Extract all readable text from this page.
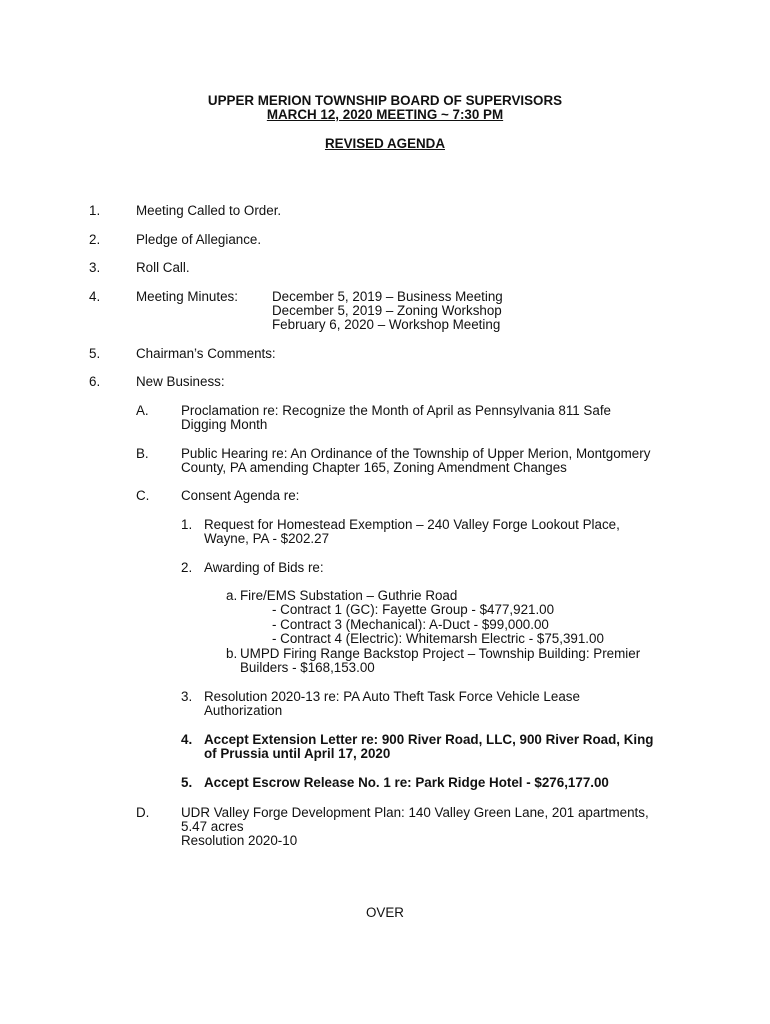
UPPER MERION TOWNSHIP BOARD OF SUPERVISORS
MARCH 12, 2020 MEETING ~ 7:30 PM
REVISED AGENDA
1.	Meeting Called to Order.
2.	Pledge of Allegiance.
3.	Roll Call.
4.	Meeting Minutes:	December 5, 2019 – Business Meeting
December 5, 2019 – Zoning Workshop
February 6, 2020 – Workshop Meeting
5.	Chairman’s Comments:
6.	New Business:
A. Proclamation re: Recognize the Month of April as Pennsylvania 811 Safe
Digging Month
B. Public Hearing re: An Ordinance of the Township of Upper Merion, Montgomery
County, PA amending Chapter 165, Zoning Amendment Changes
C. Consent Agenda re:
1. Request for Homestead Exemption – 240 Valley Forge Lookout Place,
Wayne, PA - $202.27
2. Awarding of Bids re:
a. Fire/EMS Substation – Guthrie Road
- Contract 1 (GC): Fayette Group - $477,921.00
- Contract 3 (Mechanical): A-Duct - $99,000.00
- Contract 4 (Electric): Whitemarsh Electric - $75,391.00
b. UMPD Firing Range Backstop Project – Township Building: Premier
Builders - $168,153.00
3. Resolution 2020-13 re: PA Auto Theft Task Force Vehicle Lease
Authorization
4. Accept Extension Letter re: 900 River Road, LLC, 900 River Road, King
of Prussia until April 17, 2020
5. Accept Escrow Release No. 1 re: Park Ridge Hotel - $276,177.00
D. UDR Valley Forge Development Plan: 140 Valley Green Lane, 201 apartments,
5.47 acres
Resolution 2020-10
OVER
